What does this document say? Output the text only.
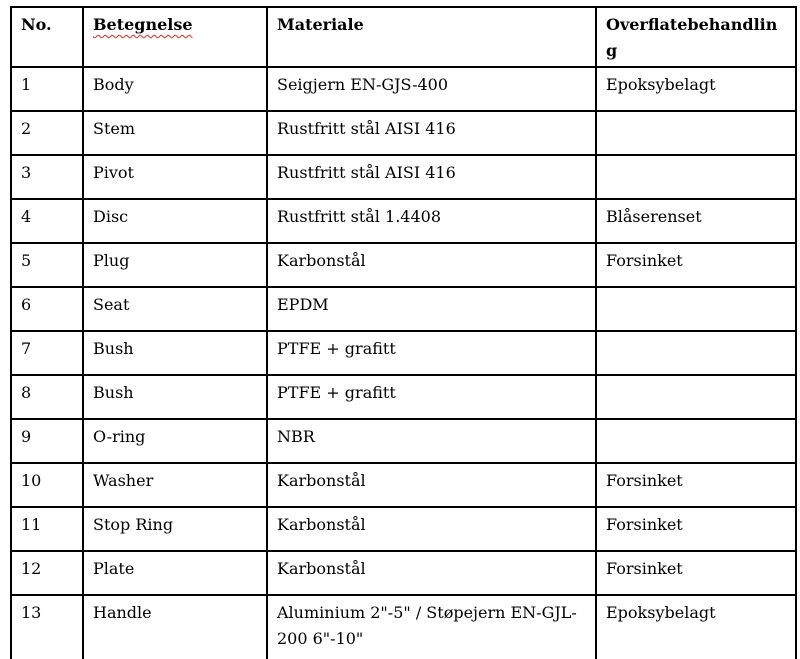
No.	Betegnelse	Materiale	Overflatebehandling
1	Body	Seigjern EN-GJS-400	Epoksybelagt
2	Stem	Rustfritt stål AISI 416	
3	Pivot	Rustfritt stål AISI 416	
4	Disc	Rustfritt stål 1.4408	Blåserenset
5	Plug	Karbonstål	Forsinket
6	Seat	EPDM	
7	Bush	PTFE + grafitt	
8	Bush	PTFE + grafitt	
9	O-ring	NBR	
10	Washer	Karbonstål	Forsinket
11	Stop Ring	Karbonstål	Forsinket
12	Plate	Karbonstål	Forsinket
13	Handle	Aluminium 2"-5" / Støpejern EN-GJL-200 6"-10"	Epoksybelagt
